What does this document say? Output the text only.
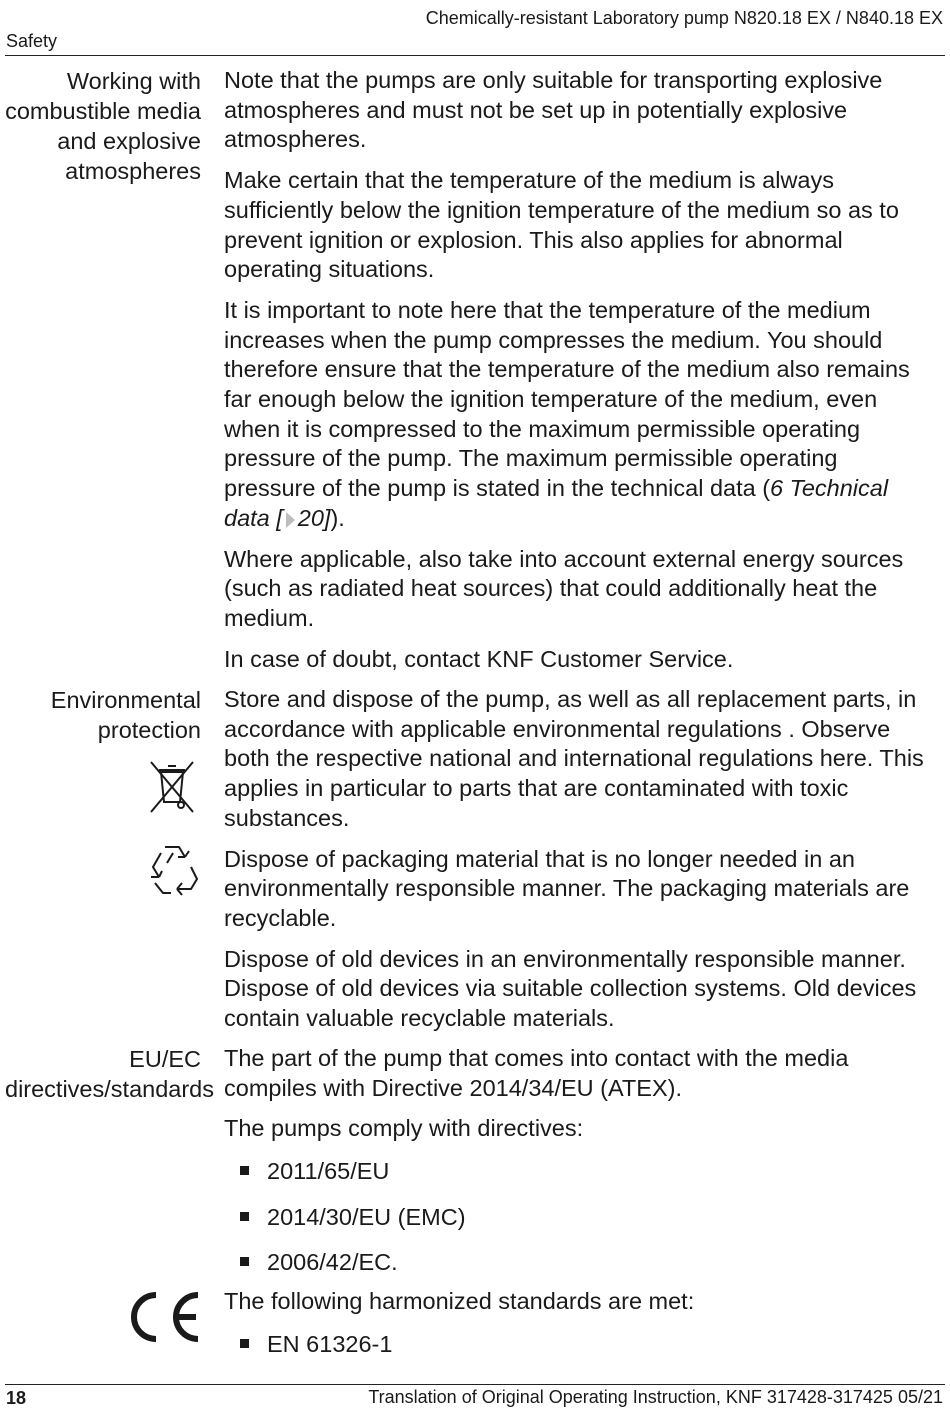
Chemically-resistant Laboratory pump N820.18 EX / N840.18 EX
Safety
Working with combustible media and explosive atmospheres

Note that the pumps are only suitable for transporting explosive atmospheres and must not be set up in potentially explosive atmospheres.

Make certain that the temperature of the medium is always sufficiently below the ignition temperature of the medium so as to prevent ignition or explosion. This also applies for abnormal operating situations.

It is important to note here that the temperature of the medium increases when the pump compresses the medium. You should therefore ensure that the temperature of the medium also remains far enough below the ignition temperature of the medium, even when it is compressed to the maximum permissible operating pressure of the pump. The maximum permissible operating pressure of the pump is stated in the technical data (6 Technical data [ 20]).

Where applicable, also take into account external energy sources (such as radiated heat sources) that could additionally heat the medium.

In case of doubt, contact KNF Customer Service.

Environmental protection

Store and dispose of the pump, as well as all replacement parts, in accordance with applicable environmental regulations . Observe both the respective national and international regulations here. This applies in particular to parts that are contaminated with toxic substances.

Dispose of packaging material that is no longer needed in an environmentally responsible manner. The packaging materials are recyclable.

Dispose of old devices in an environmentally responsible manner. Dispose of old devices via suitable collection systems. Old devices contain valuable recyclable materials.

EU/EC directives/standards

The part of the pump that comes into contact with the media compiles with Directive 2014/34/EU (ATEX).

The pumps comply with directives:

2011/65/EU
2014/30/EU (EMC)
2006/42/EC.

The following harmonized standards are met:

EN 61326-1
18	Translation of Original Operating Instruction, KNF 317428-317425 05/21
